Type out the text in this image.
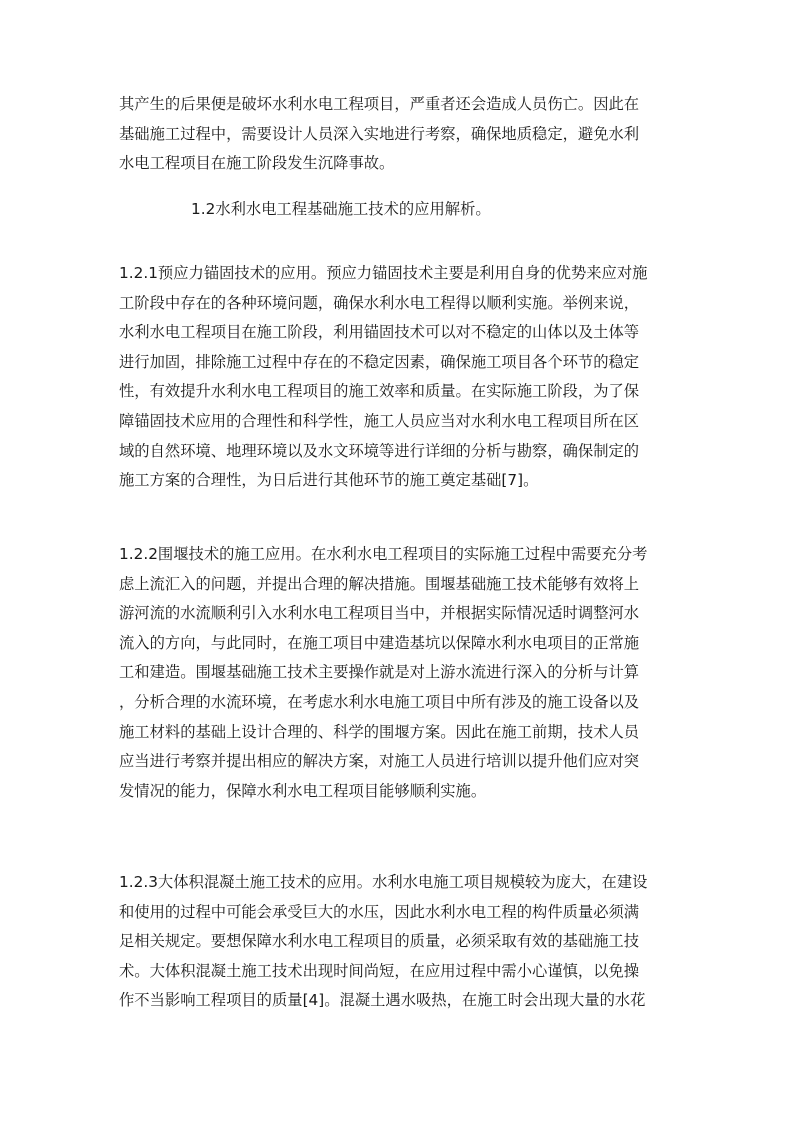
其产生的后果便是破坏水利水电工程项目，严重者还会造成人员伤亡。因此在
基础施工过程中，需要设计人员深入实地进行考察，确保地质稳定，避免水利
水电工程项目在施工阶段发生沉降事故。
1.2水利水电工程基础施工技术的应用解析。
1.2.1预应力锚固技术的应用。预应力锚固技术主要是利用自身的优势来应对施
工阶段中存在的各种环境问题，确保水利水电工程得以顺利实施。举例来说，
水利水电工程项目在施工阶段，利用锚固技术可以对不稳定的山体以及土体等
进行加固，排除施工过程中存在的不稳定因素，确保施工项目各个环节的稳定
性，有效提升水利水电工程项目的施工效率和质量。在实际施工阶段，为了保
障锚固技术应用的合理性和科学性，施工人员应当对水利水电工程项目所在区
域的自然环境、地理环境以及水文环境等进行详细的分析与勘察，确保制定的
施工方案的合理性，为日后进行其他环节的施工奠定基础[7]。
1.2.2围堰技术的施工应用。在水利水电工程项目的实际施工过程中需要充分考
虑上流汇入的问题，并提出合理的解决措施。围堰基础施工技术能够有效将上
游河流的水流顺利引入水利水电工程项目当中，并根据实际情况适时调整河水
流入的方向，与此同时，在施工项目中建造基坑以保障水利水电项目的正常施
工和建造。围堰基础施工技术主要操作就是对上游水流进行深入的分析与计算
，分析合理的水流环境，在考虑水利水电施工项目中所有涉及的施工设备以及
施工材料的基础上设计合理的、科学的围堰方案。因此在施工前期，技术人员
应当进行考察并提出相应的解决方案，对施工人员进行培训以提升他们应对突
发情况的能力，保障水利水电工程项目能够顺利实施。
1.2.3大体积混凝土施工技术的应用。水利水电施工项目规模较为庞大，在建设
和使用的过程中可能会承受巨大的水压，因此水利水电工程的构件质量必须满
足相关规定。要想保障水利水电工程项目的质量，必须采取有效的基础施工技
术。大体积混凝土施工技术出现时间尚短，在应用过程中需小心谨慎，以免操
作不当影响工程项目的质量[4]。混凝土遇水吸热，在施工时会出现大量的水花
